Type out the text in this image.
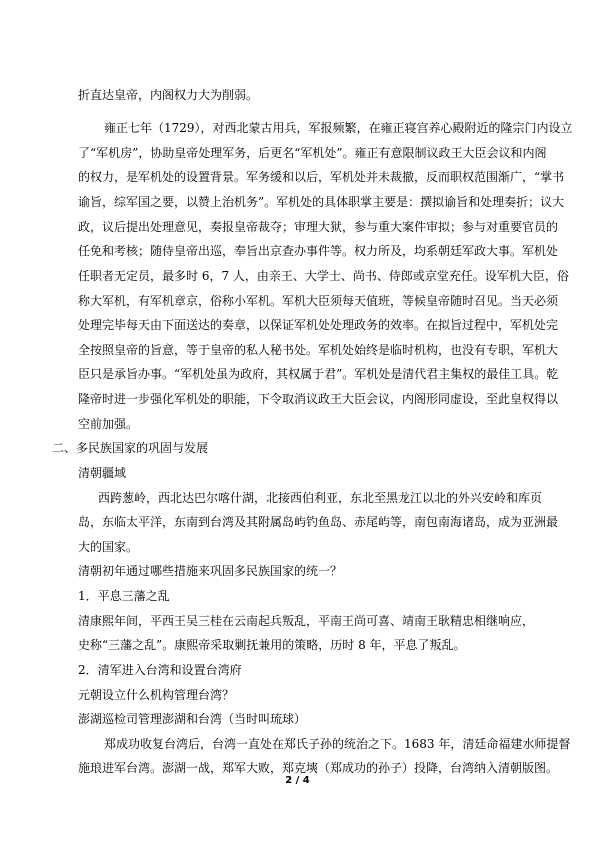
折直达皇帝，内阁权力大为削弱。
雍正七年（1729），对西北蒙古用兵，军报频繁，在雍正寝宫养心殿附近的隆宗门内设立
了“军机房”，协助皇帝处理军务，后更名“军机处”。雍正有意限制议政王大臣会议和内阁
的权力，是军机处的设置背景。军务缓和以后，军机处并未裁撤，反而职权范围渐广，“掌书
谕旨，综军国之要，以赞上治机务”。军机处的具体职掌主要是：撰拟谕旨和处理奏折；议大
政，议后提出处理意见，奏报皇帝裁夺；审理大狱，参与重大案件审拟；参与对重要官员的
任免和考核；随侍皇帝出巡，奉旨出京查办事件等。权力所及，均系朝廷军政大事。军机处
任职者无定员，最多时 6，7 人，由亲王、大学士、尚书、侍郎或京堂充任。设军机大臣，俗
称大军机，有军机章京，俗称小军机。军机大臣须每天值班，等候皇帝随时召见。当天必须
处理完毕每天由下面送达的奏章，以保证军机处处理政务的效率。在拟旨过程中，军机处完
全按照皇帝的旨意，等于皇帝的私人秘书处。军机处始终是临时机构，也没有专职，军机大
臣只是承旨办事。“军机处虽为政府，其权属于君”。军机处是清代君主集权的最佳工具。乾
隆帝时进一步强化军机处的职能，下令取消议政王大臣会议，内阁形同虚设，至此皇权得以
空前加强。
二、多民族国家的巩固与发展
清朝疆域
西跨葱岭，西北达巴尔喀什湖，北接西伯利亚，东北至黑龙江以北的外兴安岭和库页
岛，东临太平洋，东南到台湾及其附属岛屿钓鱼岛、赤尾屿等，南包南海诸岛，成为亚洲最
大的国家。
清朝初年通过哪些措施来巩固多民族国家的统一？
1．平息三藩之乱
清康熙年间，平西王吴三桂在云南起兵叛乱，平南王尚可喜、靖南王耿精忠相继响应，
史称“三藩之乱”。康熙帝采取剿抚兼用的策略，历时 8 年，平息了叛乱。
2．清军进入台湾和设置台湾府
元朝设立什么机构管理台湾？
澎湖巡检司管理澎湖和台湾（当时叫琉球）
郑成功收复台湾后，台湾一直处在郑氏子孙的统治之下。1683 年，清廷命福建水师提督
施琅进军台湾。澎湖一战，郑军大败，郑克塽（郑成功的孙子）投降，台湾纳入清朝版图。
2 / 4
